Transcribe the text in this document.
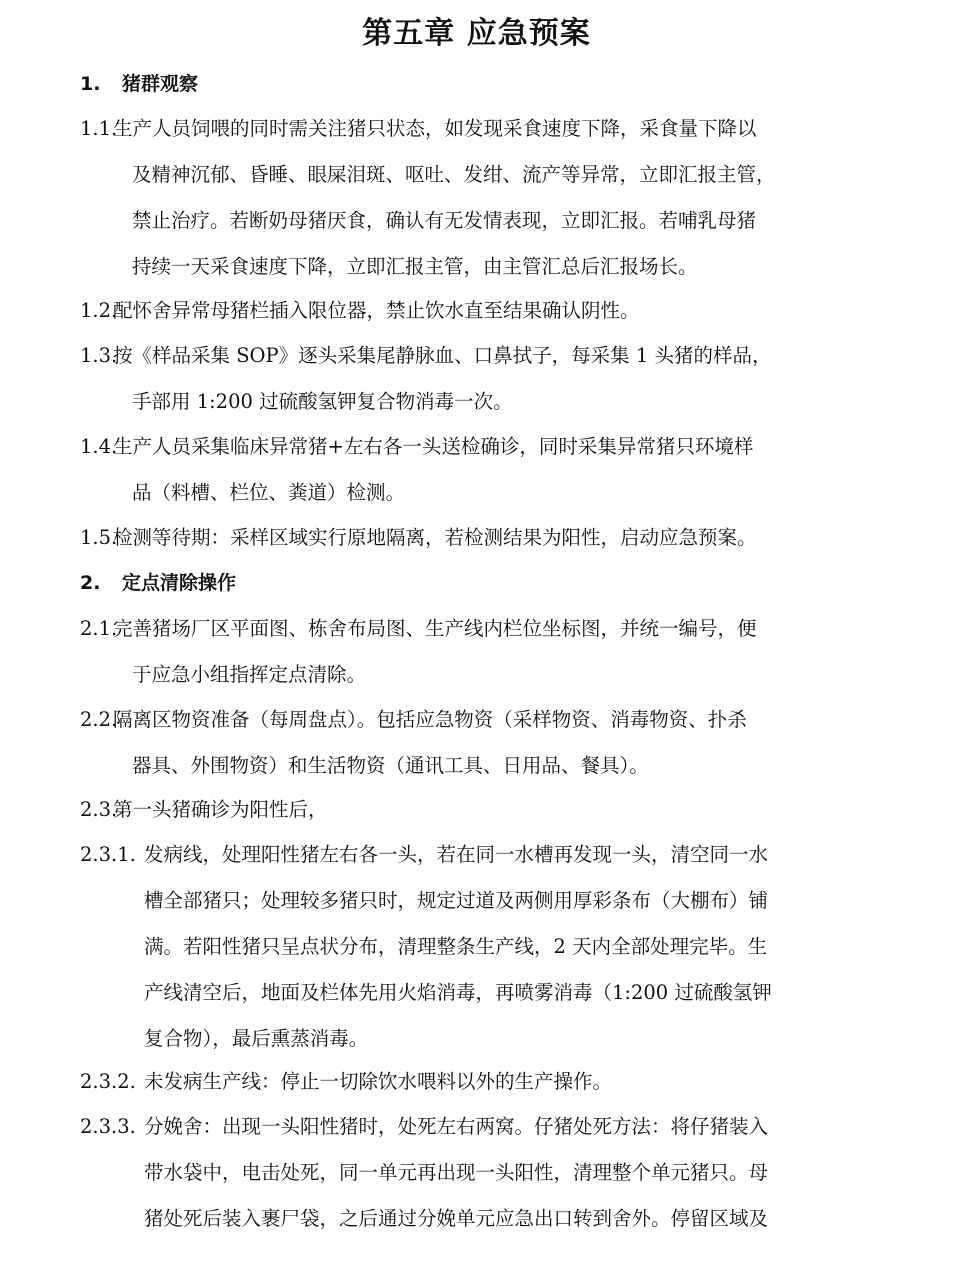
第五章 应急预案
1. 猪群观察
1.1.
生产人员饲喂的同时需关注猪只状态，如发现采食速度下降，采食量下降以
及精神沉郁、昏睡、眼屎泪斑、呕吐、发绀、流产等异常，立即汇报主管，
禁止治疗。若断奶母猪厌食，确认有无发情表现，立即汇报。若哺乳母猪
持续一天采食速度下降，立即汇报主管，由主管汇总后汇报场长。
1.2.
配怀舍异常母猪栏插入限位器，禁止饮水直至结果确认阴性。
1.3.
按《样品采集 SOP》逐头采集尾静脉血、口鼻拭子，每采集 1 头猪的样品，
手部用 1:200 过硫酸氢钾复合物消毒一次。
1.4.
生产人员采集临床异常猪+左右各一头送检确诊，同时采集异常猪只环境样
品（料槽、栏位、粪道）检测。
1.5.
检测等待期：采样区域实行原地隔离，若检测结果为阳性，启动应急预案。
2. 定点清除操作
2.1.
完善猪场厂区平面图、栋舍布局图、生产线内栏位坐标图，并统一编号，便
于应急小组指挥定点清除。
2.2.
隔离区物资准备（每周盘点）。包括应急物资（采样物资、消毒物资、扑杀
器具、外围物资）和生活物资（通讯工具、日用品、餐具）。
2.3.
第一头猪确诊为阳性后，
2.3.1. 发病线，处理阳性猪左右各一头，若在同一水槽再发现一头，清空同一水
槽全部猪只；处理较多猪只时，规定过道及两侧用厚彩条布（大棚布）铺
满。若阳性猪只呈点状分布，清理整条生产线，2 天内全部处理完毕。生
产线清空后，地面及栏体先用火焰消毒，再喷雾消毒（1:200 过硫酸氢钾
复合物），最后熏蒸消毒。
2.3.2. 未发病生产线：停止一切除饮水喂料以外的生产操作。
2.3.3. 分娩舍：出现一头阳性猪时，处死左右两窝。仔猪处死方法：将仔猪装入
带水袋中，电击处死，同一单元再出现一头阳性，清理整个单元猪只。母
猪处死后装入裹尸袋，之后通过分娩单元应急出口转到舍外。停留区域及
